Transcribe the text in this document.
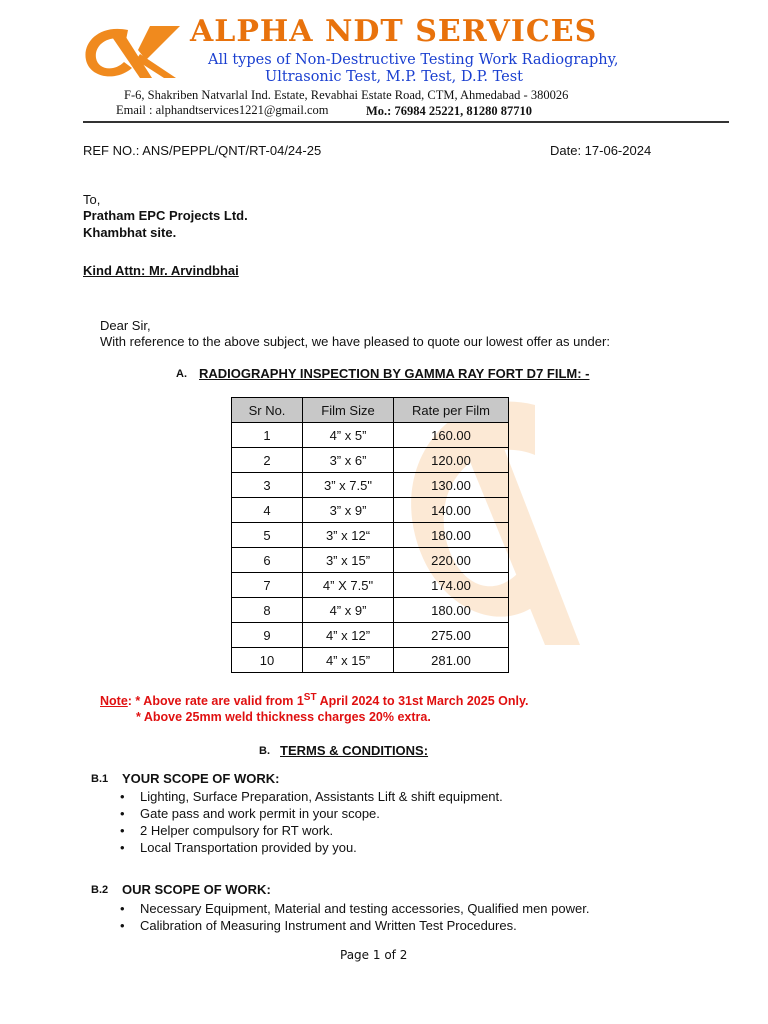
ALPHA NDT SERVICES
All types of Non-Destructive Testing Work Radiography,
Ultrasonic Test, M.P. Test, D.P. Test
F-6, Shakriben Natvarlal Ind. Estate, Revabhai Estate Road, CTM, Ahmedabad - 380026
Email : alphandtservices1221@gmail.com	Mo.: 76984 25221, 81280 87710
REF NO.: ANS/PEPPL/QNT/RT-04/24-25	Date: 17-06-2024
To,
Pratham EPC Projects Ltd.
Khambhat site.
Kind Attn: Mr. Arvindbhai
Dear Sir,
With reference to the above subject, we have pleased to quote our lowest offer as under:
A. RADIOGRAPHY INSPECTION BY GAMMA RAY FORT D7 FILM: -
Sr No.	Film Size	Rate per Film
1	4” x 5”	160.00
2	3” x 6”	120.00
3	3” x 7.5"	130.00
4	3” x 9”	140.00
5	3” x 12“	180.00
6	3” x 15”	220.00
7	4” X 7.5"	174.00
8	4” x 9”	180.00
9	4” x 12”	275.00
10	4” x 15”	281.00
Note: * Above rate are valid from 1ST April 2024 to 31st March 2025 Only.
* Above 25mm weld thickness charges 20% extra.
B. TERMS & CONDITIONS:
B.1 YOUR SCOPE OF WORK:
• Lighting, Surface Preparation, Assistants Lift & shift equipment.
• Gate pass and work permit in your scope.
• 2 Helper compulsory for RT work.
• Local Transportation provided by you.
B.2 OUR SCOPE OF WORK:
• Necessary Equipment, Material and testing accessories, Qualified men power.
• Calibration of Measuring Instrument and Written Test Procedures.
Page 1 of 2
